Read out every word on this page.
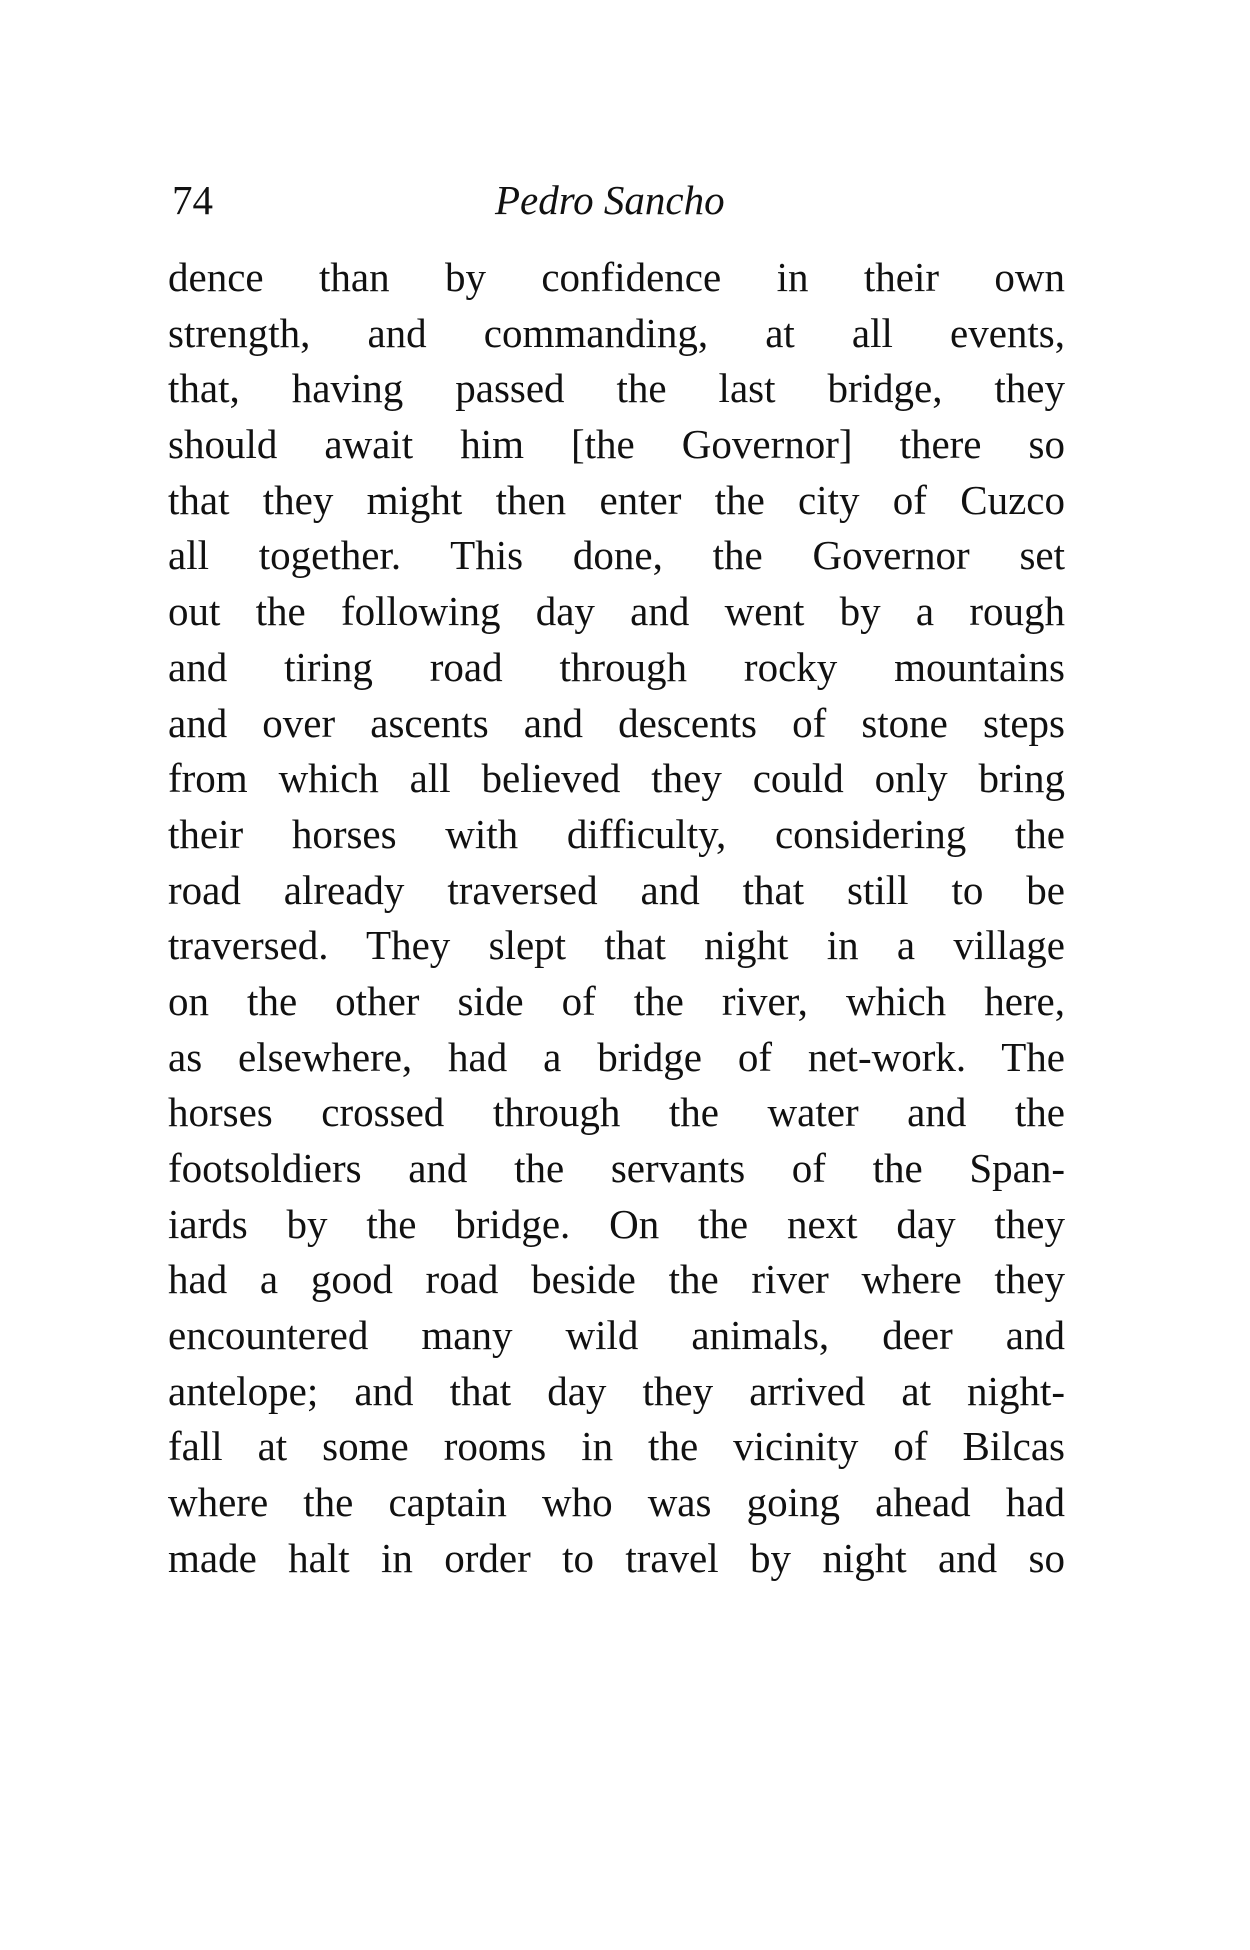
74	Pedro Sancho
dence than by confidence in their own
strength, and commanding, at all events,
that, having passed the last bridge, they
should await him [the Governor] there so
that they might then enter the city of Cuzco
all together. This done, the Governor set
out the following day and went by a rough
and tiring road through rocky mountains
and over ascents and descents of stone steps
from which all believed they could only bring
their horses with difficulty, considering the
road already traversed and that still to be
traversed. They slept that night in a village
on the other side of the river, which here,
as elsewhere, had a bridge of net-work. The
horses crossed through the water and the
footsoldiers and the servants of the Span-
iards by the bridge. On the next day they
had a good road beside the river where they
encountered many wild animals, deer and
antelope; and that day they arrived at night-
fall at some rooms in the vicinity of Bilcas
where the captain who was going ahead had
made halt in order to travel by night and so
